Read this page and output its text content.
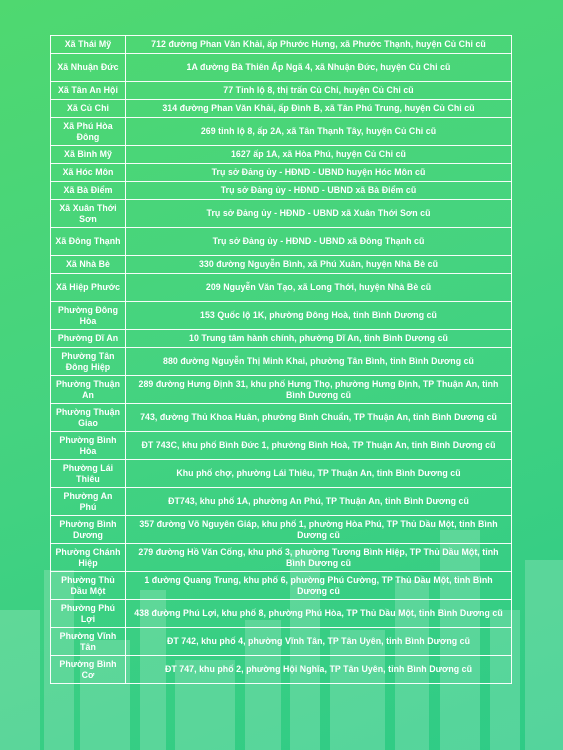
Xã Thái Mỹ	712 đường Phan Văn Khải, ấp Phước Hưng, xã Phước Thạnh, huyện Củ Chi cũ
Xã Nhuận Đức	1A đường Bà Thiên Ấp Ngã 4, xã Nhuận Đức, huyện Củ Chi cũ
Xã Tân An Hội	77 Tỉnh lộ 8, thị trấn Củ Chi, huyện Củ Chi cũ
Xã Củ Chi	314 đường Phan Văn Khải, ấp Đình B, xã Tân Phú Trung, huyện Củ Chi cũ
Xã Phú Hòa Đông	269 tỉnh lộ 8, ấp 2A, xã Tân Thạnh Tây, huyện Củ Chi cũ
Xã Bình Mỹ	1627 ấp 1A, xã Hòa Phú, huyện Củ Chi cũ
Xã Hóc Môn	Trụ sở Đảng ủy - HĐND - UBND huyện Hóc Môn cũ
Xã Bà Điểm	Trụ sở Đảng ủy - HĐND - UBND xã Bà Điểm cũ
Xã Xuân Thới Sơn	Trụ sở Đảng ủy - HĐND - UBND xã Xuân Thới Sơn cũ
Xã Đông Thạnh	Trụ sở Đảng ủy - HĐND - UBND xã Đông Thạnh cũ
Xã Nhà Bè	330 đường Nguyễn Bình, xã Phú Xuân, huyện Nhà Bè cũ
Xã Hiệp Phước	209 Nguyễn Văn Tạo, xã Long Thới, huyện Nhà Bè cũ
Phường Đông Hòa	153 Quốc lộ 1K, phường Đông Hoà, tỉnh Bình Dương cũ
Phường Dĩ An	10 Trung tâm hành chính, phường Dĩ An, tỉnh Bình Dương cũ
Phường Tân Đông Hiệp	880 đường Nguyễn Thị Minh Khai, phường Tân Bình, tỉnh Bình Dương cũ
Phường Thuận An	289 đường Hưng Định 31, khu phố Hưng Thọ, phường Hưng Định, TP Thuận An, tỉnh Bình Dương cũ
Phường Thuận Giao	743, đường Thủ Khoa Huân, phường Bình Chuẩn, TP Thuận An, tỉnh Bình Dương cũ
Phường Bình Hòa	ĐT 743C, khu phố Bình Đức 1, phường Bình Hoà, TP Thuận An, tỉnh Bình Dương cũ
Phường Lái Thiêu	Khu phố chợ, phường Lái Thiêu, TP Thuận An, tỉnh Bình Dương cũ
Phường An Phú	ĐT743, khu phố 1A, phường An Phú, TP Thuận An, tỉnh Bình Dương cũ
Phường Bình Dương	357 đường Võ Nguyên Giáp, khu phố 1, phường Hòa Phú, TP Thủ Dầu Một, tỉnh Bình Dương cũ
Phường Chánh Hiệp	279 đường Hồ Văn Cống, khu phố 3, phường Tương Bình Hiệp, TP Thủ Dầu Một, tỉnh Bình Dương cũ
Phường Thủ Dầu Một	1 đường Quang Trung, khu phố 6, phường Phú Cường, TP Thủ Dầu Một, tỉnh Bình Dương cũ
Phường Phú Lợi	438 đường Phú Lợi, khu phố 8, phường Phú Hòa, TP Thủ Dầu Một, tỉnh Bình Dương cũ
Phường Vĩnh Tân	ĐT 742, khu phố 4, phường Vĩnh Tân, TP Tân Uyên, tỉnh Bình Dương cũ
Phường Bình Cơ	ĐT 747, khu phố 2, phường Hội Nghĩa, TP Tân Uyên, tỉnh Bình Dương cũ
